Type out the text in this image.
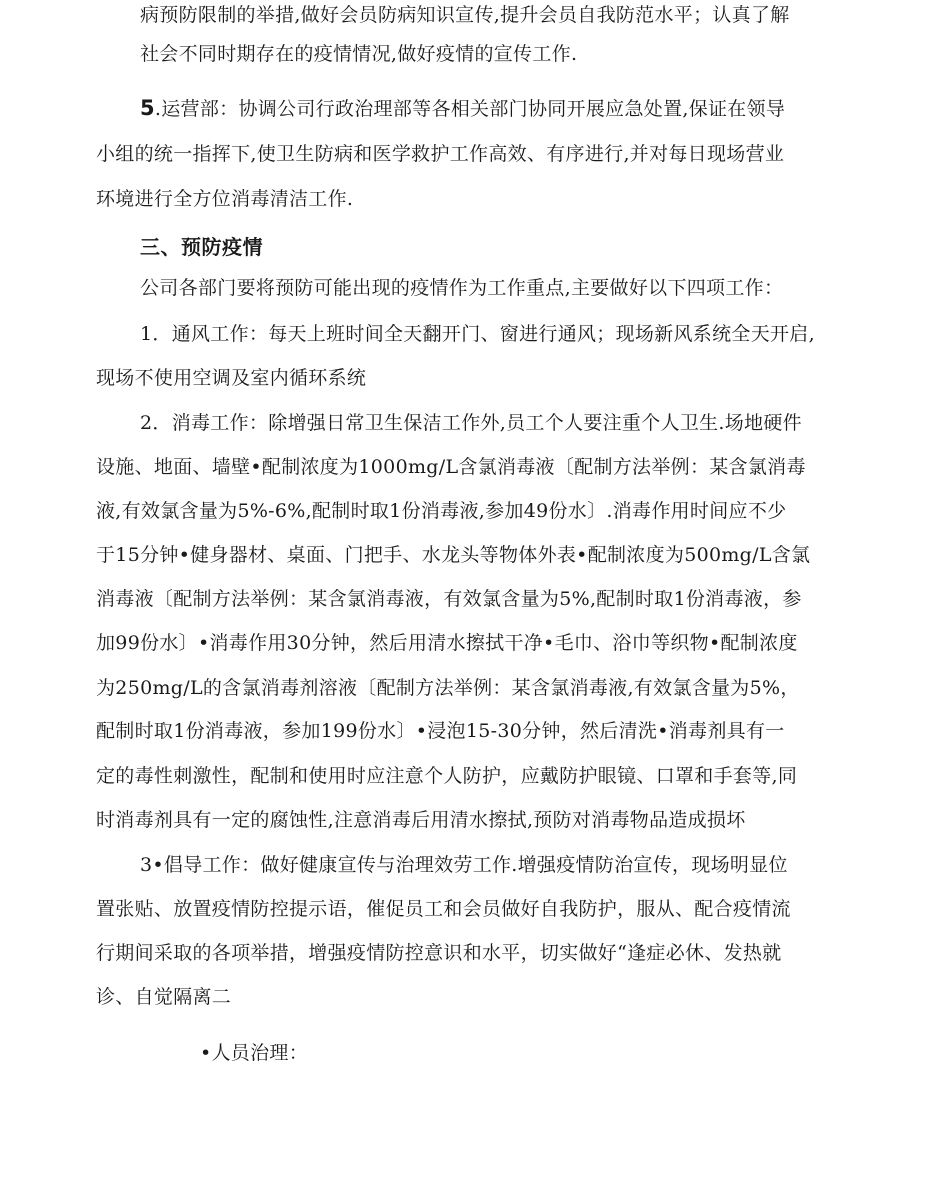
病预防限制的举措,做好会员防病知识宣传,提升会员自我防范水平；认真了解
社会不同时期存在的疫情情况,做好疫情的宣传工作.
5.运营部：协调公司行政治理部等各相关部门协同开展应急处置,保证在领导
小组的统一指挥下,使卫生防病和医学救护工作高效、有序进行,并对每日现场营业
环境进行全方位消毒清洁工作.
三、预防疫情
公司各部门要将预防可能出现的疫情作为工作重点,主要做好以下四项工作：
1．通风工作：每天上班时间全天翻开门、窗进行通风；现场新风系统全天开启,
现场不使用空调及室内循环系统
2．消毒工作：除增强日常卫生保洁工作外,员工个人要注重个人卫生.场地硬件
设施、地面、墙壁•配制浓度为1000mg/L含氯消毒液〔配制方法举例：某含氯消毒
液,有效氯含量为5%-6%,配制时取1份消毒液,参加49份水〕.消毒作用时间应不少
于15分钟•健身器材、桌面、门把手、水龙头等物体外表•配制浓度为500mg/L含氯
消毒液〔配制方法举例：某含氯消毒液，有效氯含量为5%,配制时取1份消毒液，参
加99份水〕•消毒作用30分钟，然后用清水擦拭干净•毛巾、浴巾等织物•配制浓度
为250mg/L的含氯消毒剂溶液〔配制方法举例：某含氯消毒液,有效氯含量为5%，
配制时取1份消毒液，参加199份水〕•浸泡15-30分钟，然后清洗•消毒剂具有一
定的毒性刺激性，配制和使用时应注意个人防护，应戴防护眼镜、口罩和手套等,同
时消毒剂具有一定的腐蚀性,注意消毒后用清水擦拭,预防对消毒物品造成损坏
3•倡导工作：做好健康宣传与治理效劳工作.增强疫情防治宣传，现场明显位
置张贴、放置疫情防控提示语，催促员工和会员做好自我防护，服从、配合疫情流
行期间采取的各项举措，增强疫情防控意识和水平，切实做好“逢症必休、发热就
诊、自觉隔离二
•人员治理：
